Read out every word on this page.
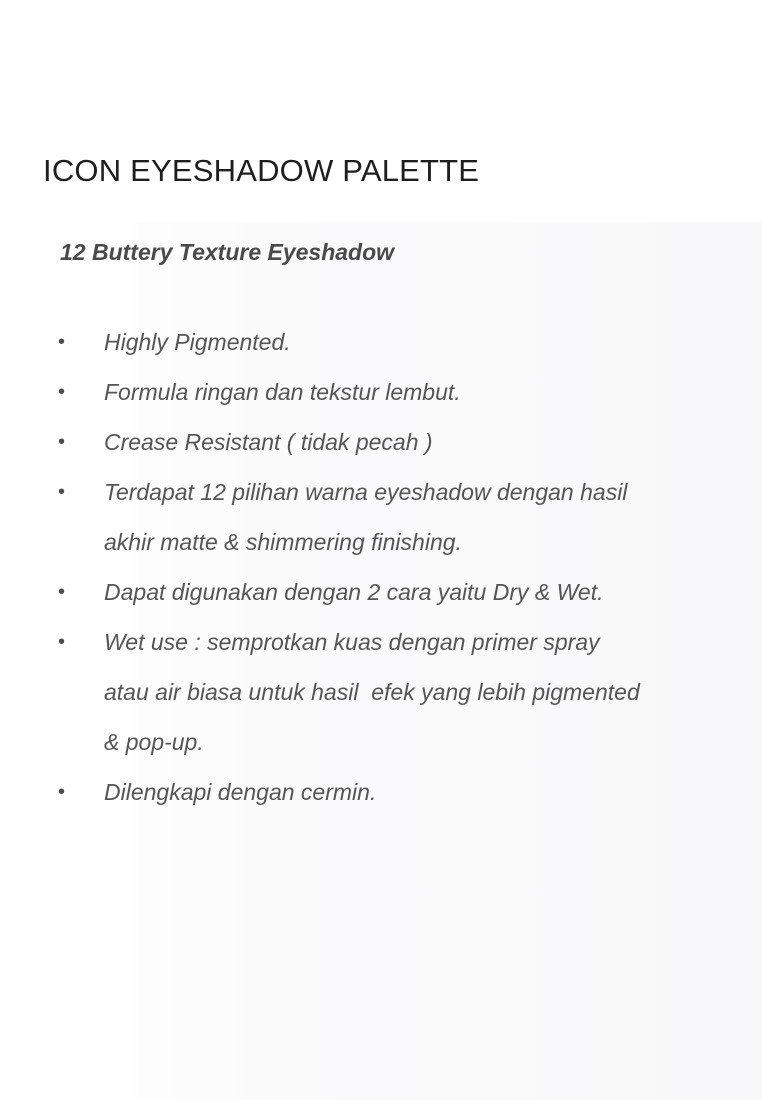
ICON EYESHADOW PALETTE
12 Buttery Texture Eyeshadow
•	Highly Pigmented.
•	Formula ringan dan tekstur lembut.
•	Crease Resistant ( tidak pecah )
•	Terdapat 12 pilihan warna eyeshadow dengan hasil
akhir matte & shimmering finishing.
•	Dapat digunakan dengan 2 cara yaitu Dry & Wet.
•	Wet use : semprotkan kuas dengan primer spray
atau air biasa untuk hasil  efek yang lebih pigmented
& pop-up.
•	Dilengkapi dengan cermin.
